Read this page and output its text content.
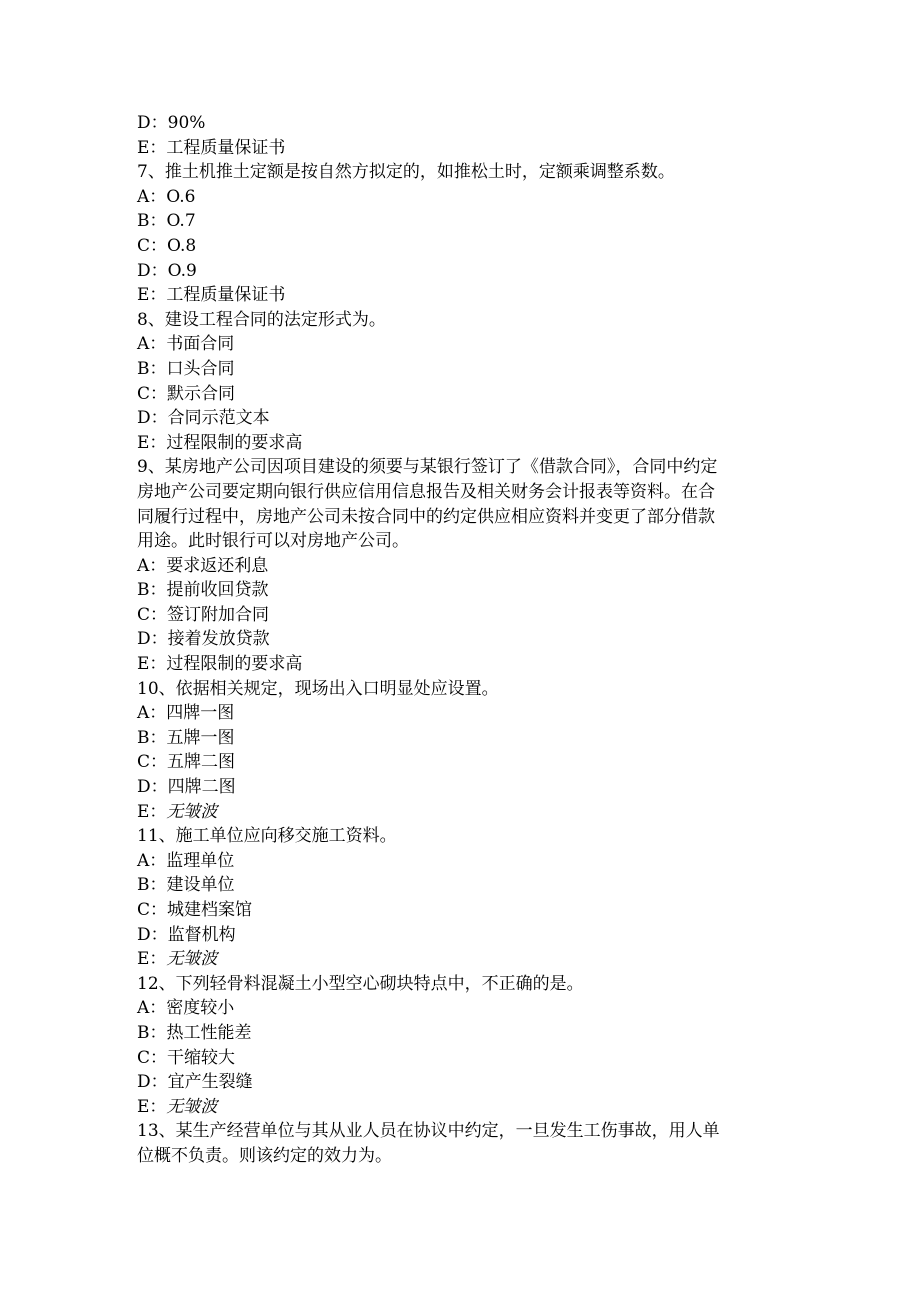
D：90%

E：工程质量保证书

7、推土机推土定额是按自然方拟定的，如推松土时，定额乘调整系数。

A：O.6

B：O.7

C：O.8

D：O.9

E：工程质量保证书

8、建设工程合同的法定形式为。

A：书面合同

B：口头合同

C：默示合同

D：合同示范文本

E：过程限制的要求高

9、某房地产公司因项目建设的须要与某银行签订了《借款合同》，合同中约定

房地产公司要定期向银行供应信用信息报告及相关财务会计报表等资料。在合

同履行过程中，房地产公司未按合同中的约定供应相应资料并变更了部分借款

用途。此时银行可以对房地产公司。

A：要求返还利息

B：提前收回贷款

C：签订附加合同

D：接着发放贷款

E：过程限制的要求高

10、依据相关规定，现场出入口明显处应设置。

A：四牌一图

B：五牌一图

C：五牌二图

D：四牌二图

E：无皱波

11、施工单位应向移交施工资料。

A：监理单位

B：建设单位

C：城建档案馆

D：监督机构

E：无皱波

12、下列轻骨料混凝土小型空心砌块特点中，不正确的是。

A：密度较小

B：热工性能差

C：干缩较大

D：宜产生裂缝

E：无皱波

13、某生产经营单位与其从业人员在协议中约定，一旦发生工伤事故，用人单

位概不负责。则该约定的效力为。
